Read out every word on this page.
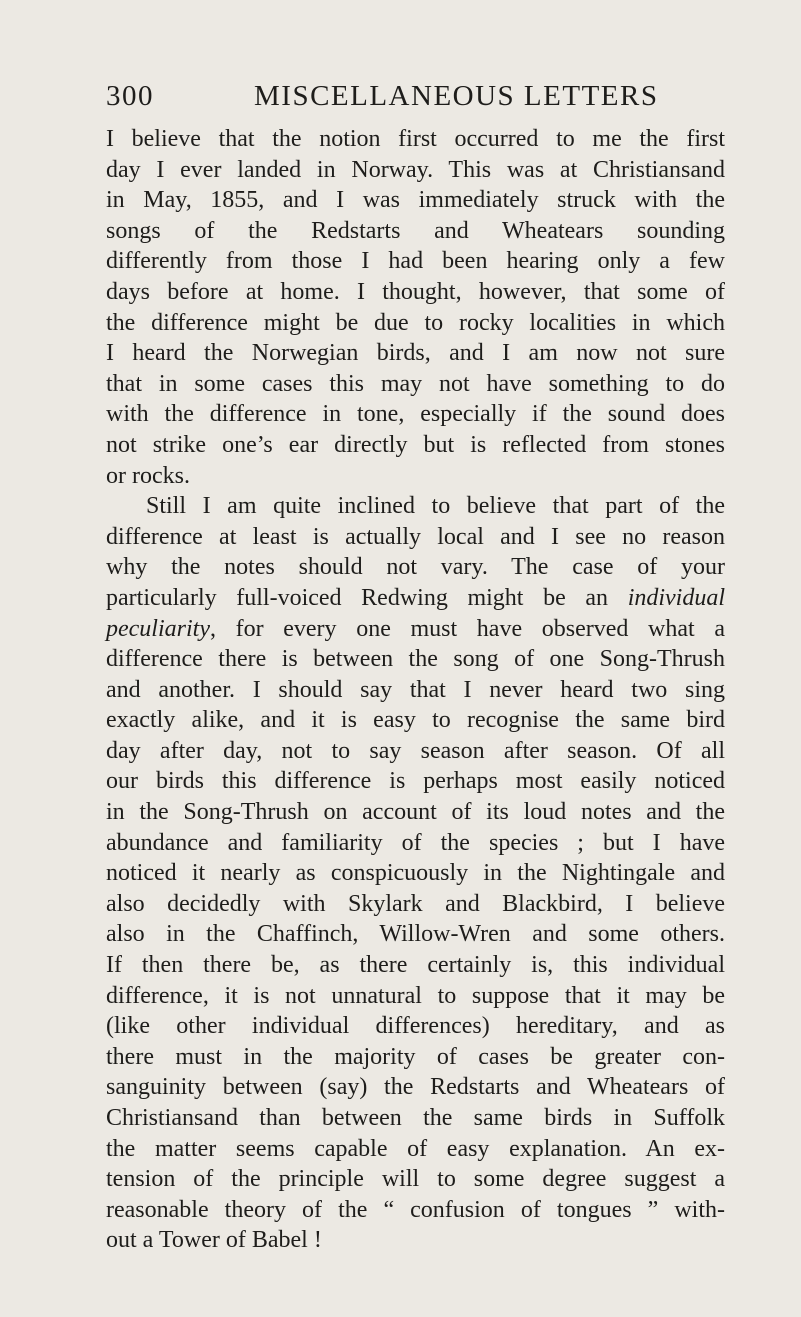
300	MISCELLANEOUS LETTERS
I believe that the notion first occurred to me the first
day I ever landed in Norway. This was at Christiansand
in May, 1855, and I was immediately struck with the
songs of the Redstarts and Wheatears sounding
differently from those I had been hearing only a few
days before at home. I thought, however, that some of
the difference might be due to rocky localities in which
I heard the Norwegian birds, and I am now not sure
that in some cases this may not have something to do
with the difference in tone, especially if the sound does
not strike one’s ear directly but is reflected from stones
or rocks.
Still I am quite inclined to believe that part of the
difference at least is actually local and I see no reason
why the notes should not vary. The case of your
particularly full-voiced Redwing might be an individual
peculiarity, for every one must have observed what a
difference there is between the song of one Song-Thrush
and another. I should say that I never heard two sing
exactly alike, and it is easy to recognise the same bird
day after day, not to say season after season. Of all
our birds this difference is perhaps most easily noticed
in the Song-Thrush on account of its loud notes and the
abundance and familiarity of the species ; but I have
noticed it nearly as conspicuously in the Nightingale and
also decidedly with Skylark and Blackbird, I believe
also in the Chaffinch, Willow-Wren and some others.
If then there be, as there certainly is, this individual
difference, it is not unnatural to suppose that it may be
(like other individual differences) hereditary, and as
there must in the majority of cases be greater con-
sanguinity between (say) the Redstarts and Wheatears of
Christiansand than between the same birds in Suffolk
the matter seems capable of easy explanation. An ex-
tension of the principle will to some degree suggest a
reasonable theory of the “ confusion of tongues ” with-
out a Tower of Babel !
